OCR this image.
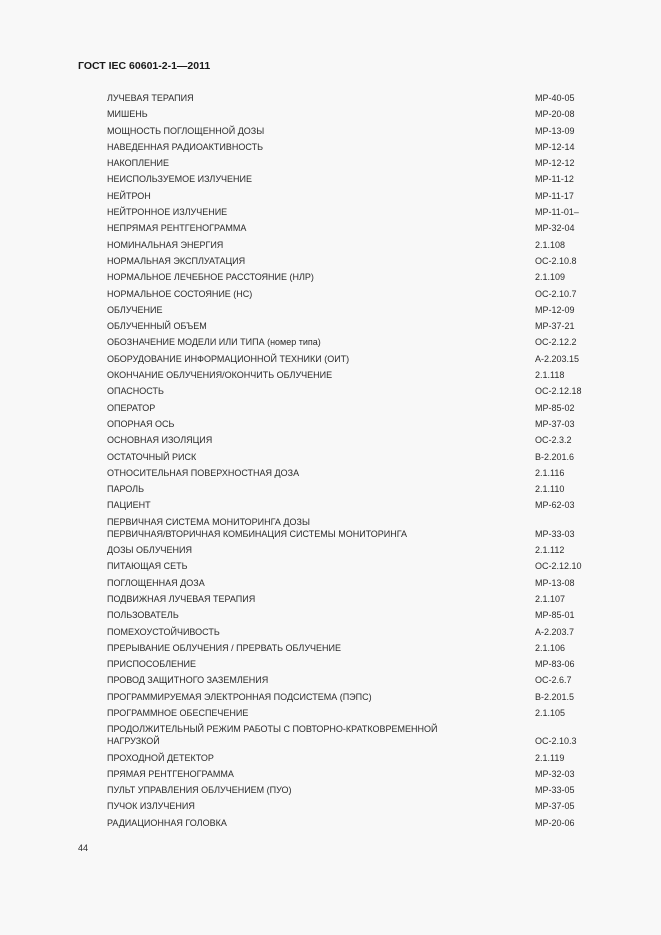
ГОСТ IEC 60601-2-1—2011
ЛУЧЕВАЯ ТЕРАПИЯ	МР-40-05
МИШЕНЬ	МР-20-08
МОЩНОСТЬ ПОГЛОЩЕННОЙ ДОЗЫ	МР-13-09
НАВЕДЕННАЯ РАДИОАКТИВНОСТЬ	МР-12-14
НАКОПЛЕНИЕ	МР-12-12
НЕИСПОЛЬЗУЕМОЕ ИЗЛУЧЕНИЕ	МР-11-12
НЕЙТРОН	МР-11-17
НЕЙТРОННОЕ ИЗЛУЧЕНИЕ	МР-11-01–
НЕПРЯМАЯ РЕНТГЕНОГРАММА	МР-32-04
НОМИНАЛЬНАЯ ЭНЕРГИЯ	2.1.108
НОРМАЛЬНАЯ ЭКСПЛУАТАЦИЯ	ОС-2.10.8
НОРМАЛЬНОЕ ЛЕЧЕБНОЕ РАССТОЯНИЕ (НЛР)	2.1.109
НОРМАЛЬНОЕ СОСТОЯНИЕ (НС)	ОС-2.10.7
ОБЛУЧЕНИЕ	МР-12-09
ОБЛУЧЕННЫЙ ОБЪЕМ	МР-37-21
ОБОЗНАЧЕНИЕ МОДЕЛИ ИЛИ ТИПА (номер типа)	ОС-2.12.2
ОБОРУДОВАНИЕ ИНФОРМАЦИОННОЙ ТЕХНИКИ (ОИТ)	А-2.203.15
ОКОНЧАНИЕ ОБЛУЧЕНИЯ/ОКОНЧИТЬ ОБЛУЧЕНИЕ	2.1.118
ОПАСНОСТЬ	ОС-2.12.18
ОПЕРАТОР	МР-85-02
ОПОРНАЯ ОСЬ	МР-37-03
ОСНОВНАЯ ИЗОЛЯЦИЯ	ОС-2.3.2
ОСТАТОЧНЫЙ РИСК	В-2.201.6
ОТНОСИТЕЛЬНАЯ ПОВЕРХНОСТНАЯ ДОЗА	2.1.116
ПАРОЛЬ	2.1.110
ПАЦИЕНТ	МР-62-03
ПЕРВИЧНАЯ СИСТЕМА МОНИТОРИНГА ДОЗЫ
ПЕРВИЧНАЯ/ВТОРИЧНАЯ КОМБИНАЦИЯ СИСТЕМЫ МОНИТОРИНГА	МР-33-03
ДОЗЫ ОБЛУЧЕНИЯ	2.1.112
ПИТАЮЩАЯ СЕТЬ	ОС-2.12.10
ПОГЛОЩЕННАЯ ДОЗА	МР-13-08
ПОДВИЖНАЯ ЛУЧЕВАЯ ТЕРАПИЯ	2.1.107
ПОЛЬЗОВАТЕЛЬ	МР-85-01
ПОМЕХОУСТОЙЧИВОСТЬ	А-2.203.7
ПРЕРЫВАНИЕ ОБЛУЧЕНИЯ / ПРЕРВАТЬ ОБЛУЧЕНИЕ	2.1.106
ПРИСПОСОБЛЕНИЕ	МР-83-06
ПРОВОД ЗАЩИТНОГО ЗАЗЕМЛЕНИЯ	ОС-2.6.7
ПРОГРАММИРУЕМАЯ ЭЛЕКТРОННАЯ ПОДСИСТЕМА (ПЭПС)	В-2.201.5
ПРОГРАММНОЕ ОБЕСПЕЧЕНИЕ	2.1.105
ПРОДОЛЖИТЕЛЬНЫЙ РЕЖИМ РАБОТЫ С ПОВТОРНО-КРАТКОВРЕМЕННОЙ
НАГРУЗКОЙ	ОС-2.10.3
ПРОХОДНОЙ ДЕТЕКТОР	2.1.119
ПРЯМАЯ РЕНТГЕНОГРАММА	МР-32-03
ПУЛЬТ УПРАВЛЕНИЯ ОБЛУЧЕНИЕМ (ПУО)	МР-33-05
ПУЧОК ИЗЛУЧЕНИЯ	МР-37-05
РАДИАЦИОННАЯ ГОЛОВКА	МР-20-06
44
